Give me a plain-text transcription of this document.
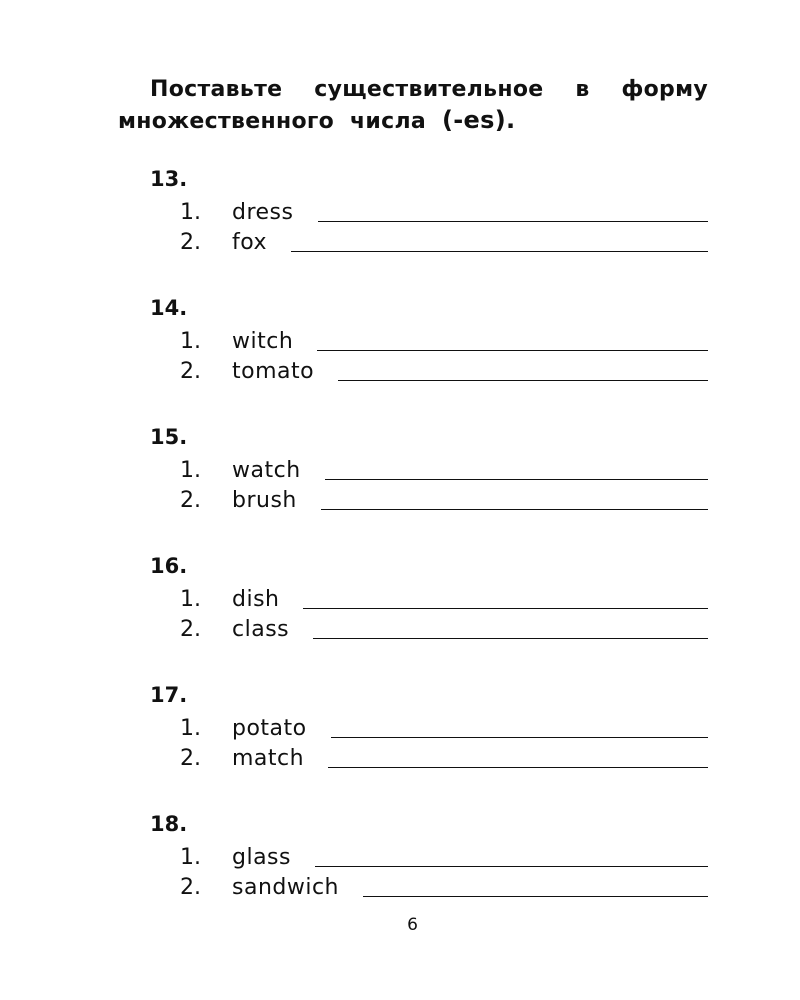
Поставьте существительное в форму
множественного числа (-es).
13.
1.	dress
2.	fox
14.
1.	witch
2.	tomato
15.
1.	watch
2.	brush
16.
1.	dish
2.	class
17.
1.	potato
2.	match
18.
1.	glass
2.	sandwich
6
